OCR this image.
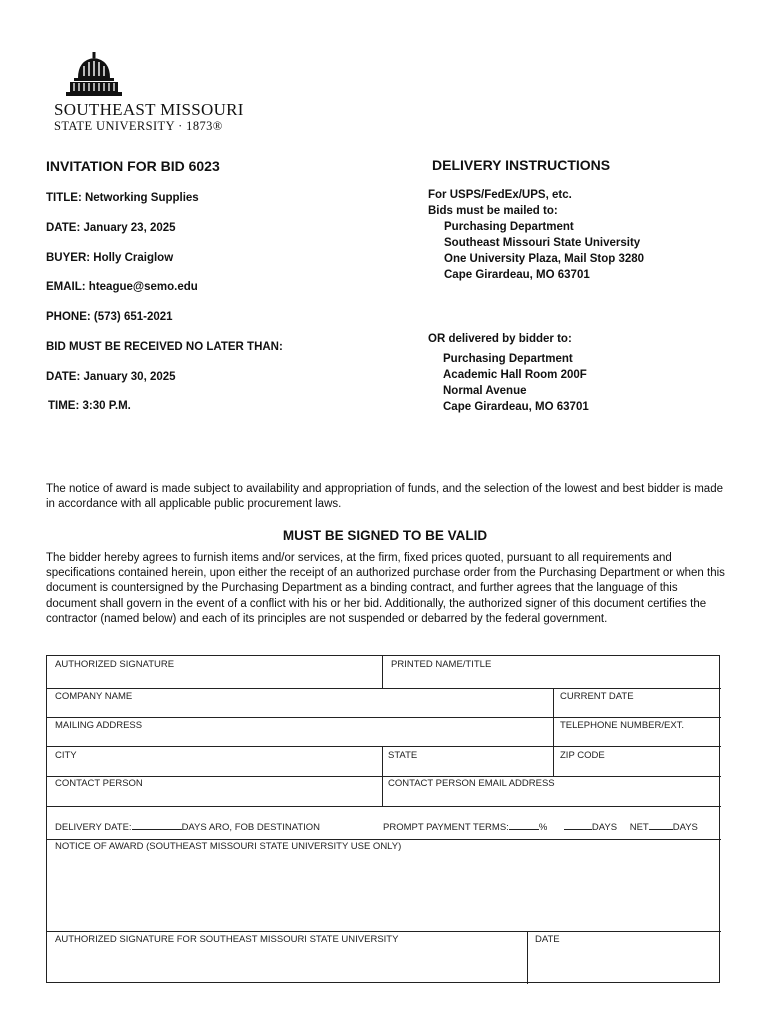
SOUTHEAST MISSOURI
STATE UNIVERSITY · 1873®
INVITATION FOR BID 6023
TITLE: Networking Supplies
DATE: January 23, 2025
BUYER: Holly Craiglow
EMAIL: hteague@semo.edu
PHONE: (573) 651-2021
BID MUST BE RECEIVED NO LATER THAN:
DATE: January 30, 2025
TIME: 3:30 P.M.
DELIVERY INSTRUCTIONS
For USPS/FedEx/UPS, etc.
Bids must be mailed to:
Purchasing Department
Southeast Missouri State University
One University Plaza, Mail Stop 3280
Cape Girardeau, MO 63701
OR delivered by bidder to:
Purchasing Department
Academic Hall Room 200F
Normal Avenue
Cape Girardeau, MO 63701
The notice of award is made subject to availability and appropriation of funds, and the selection of the lowest and best bidder is made in accordance with all applicable public procurement laws.
MUST BE SIGNED TO BE VALID
The bidder hereby agrees to furnish items and/or services, at the firm, fixed prices quoted, pursuant to all requirements and specifications contained herein, upon either the receipt of an authorized purchase order from the Purchasing Department or when this document is countersigned by the Purchasing Department as a binding contract, and further agrees that the language of this document shall govern in the event of a conflict with his or her bid. Additionally, the authorized signer of this document certifies the contractor (named below) and each of its principles are not suspended or debarred by the federal government.
AUTHORIZED SIGNATURE	PRINTED NAME/TITLE
COMPANY NAME	CURRENT DATE
MAILING ADDRESS	TELEPHONE NUMBER/EXT.
CITY	STATE	ZIP CODE
CONTACT PERSON	CONTACT PERSON EMAIL ADDRESS
DELIVERY DATE:	DAYS ARO, FOB DESTINATION	PROMPT PAYMENT TERMS:	%	DAYS NET	DAYS
NOTICE OF AWARD (SOUTHEAST MISSOURI STATE UNIVERSITY USE ONLY)
AUTHORIZED SIGNATURE FOR SOUTHEAST MISSOURI STATE UNIVERSITY	DATE
